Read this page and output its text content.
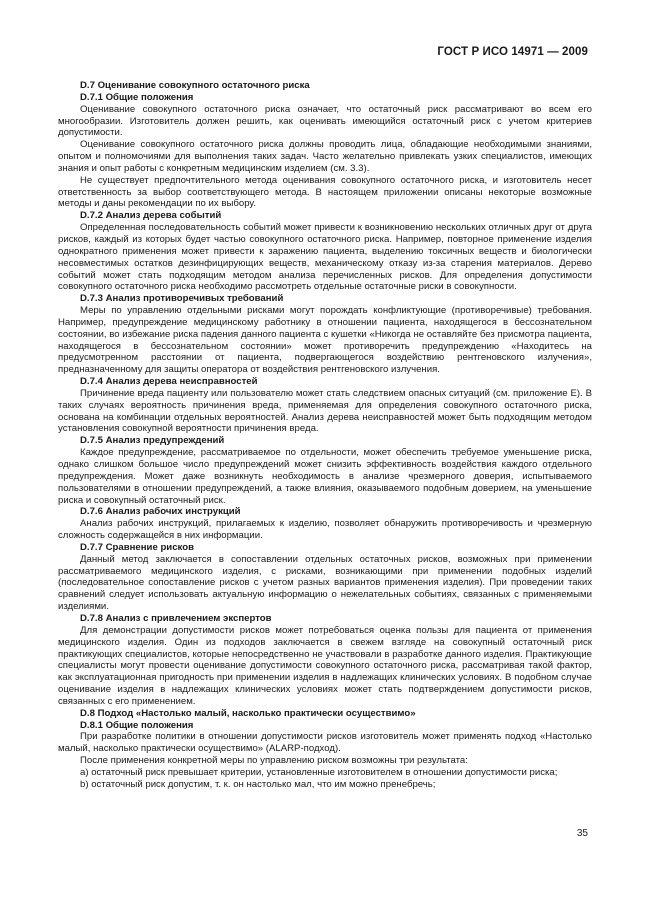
ГОСТ Р ИСО 14971 — 2009
D.7 Оценивание совокупного остаточного риска
D.7.1 Общие положения

Оценивание совокупного остаточного риска означает, что остаточный риск рассматривают во всем его многообразии. Изготовитель должен решить, как оценивать имеющийся остаточный риск с учетом критериев допустимости.

Оценивание совокупного остаточного риска должны проводить лица, обладающие необходимыми знаниями, опытом и полномочиями для выполнения таких задач. Часто желательно привлекать узких специалистов, имеющих знания и опыт работы с конкретным медицинским изделием (см. 3.3).

Не существует предпочтительного метода оценивания совокупного остаточного риска, и изготовитель несет ответственность за выбор соответствующего метода. В настоящем приложении описаны некоторые возможные методы и даны рекомендации по их выбору.

D.7.2 Анализ дерева событий

Определенная последовательность событий может привести к возникновению нескольких отличных друг от друга рисков, каждый из которых будет частью совокупного остаточного риска. Например, повторное применение изделия однократного применения может привести к заражению пациента, выделению токсичных веществ и биологически несовместимых остатков дезинфицирующих веществ, механическому отказу из-за старения материалов. Дерево событий может стать подходящим методом анализа перечисленных рисков. Для определения допустимости совокупного остаточного риска необходимо рассмотреть отдельные остаточные риски в совокупности.

D.7.3 Анализ противоречивых требований

Меры по управлению отдельными рисками могут порождать конфликтующие (противоречивые) требования. Например, предупреждение медицинскому работнику в отношении пациента, находящегося в бессознательном состоянии, во избежание риска падения данного пациента с кушетки «Никогда не оставляйте без присмотра пациента, находящегося в бессознательном состоянии» может противоречить предупреждению «Находитесь на предусмотренном расстоянии от пациента, подвергающегося воздействию рентгеновского излучения», предназначенному для защиты оператора от воздействия рентгеновского излучения.

D.7.4 Анализ дерева неисправностей

Причинение вреда пациенту или пользователю может стать следствием опасных ситуаций (см. приложение Е). В таких случаях вероятность причинения вреда, применяемая для определения совокупного остаточного риска, основана на комбинации отдельных вероятностей. Анализ дерева неисправностей может быть подходящим методом установления совокупной вероятности причинения вреда.

D.7.5 Анализ предупреждений

Каждое предупреждение, рассматриваемое по отдельности, может обеспечить требуемое уменьшение риска, однако слишком большое число предупреждений может снизить эффективность воздействия каждого отдельного предупреждения. Может даже возникнуть необходимость в анализе чрезмерного доверия, испытываемого пользователями в отношении предупреждений, а также влияния, оказываемого подобным доверием, на уменьшение риска и совокупный остаточный риск.

D.7.6 Анализ рабочих инструкций

Анализ рабочих инструкций, прилагаемых к изделию, позволяет обнаружить противоречивость и чрезмерную сложность содержащейся в них информации.

D.7.7 Сравнение рисков

Данный метод заключается в сопоставлении отдельных остаточных рисков, возможных при применении рассматриваемого медицинского изделия, с рисками, возникающими при применении подобных изделий (последовательное сопоставление рисков с учетом разных вариантов применения изделия). При проведении таких сравнений следует использовать актуальную информацию о нежелательных событиях, связанных с применяемыми изделиями.

D.7.8 Анализ с привлечением экспертов

Для демонстрации допустимости рисков может потребоваться оценка пользы для пациента от применения медицинского изделия. Один из подходов заключается в свежем взгляде на совокупный остаточный риск практикующих специалистов, которые непосредственно не участвовали в разработке данного изделия. Практикующие специалисты могут провести оценивание допустимости совокупного остаточного риска, рассматривая такой фактор, как эксплуатационная пригодность при применении изделия в надлежащих клинических условиях. В подобном случае оценивание изделия в надлежащих клинических условиях может стать подтверждением допустимости рисков, связанных с его применением.

D.8 Подход «Настолько малый, насколько практически осуществимо»
D.8.1 Общие положения

При разработке политики в отношении допустимости рисков изготовитель может применять подход «Настолько малый, насколько практически осуществимо» (ALARP-подход).

После применения конкретной меры по управлению риском возможны три результата:

а) остаточный риск превышает критерии, установленные изготовителем в отношении допустимости риска;

b) остаточный риск допустим, т. к. он настолько мал, что им можно пренебречь;

35
